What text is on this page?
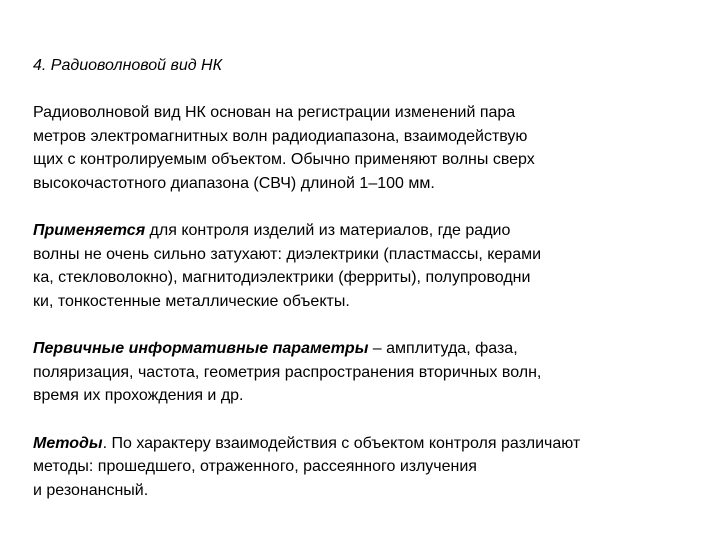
4. Радиоволновой вид НК
Радиоволновой вид НК основан на регистрации изменений пара
метров электромагнитных волн радиодиапазона, взаимодействую
щих с контролируемым объектом. Обычно применяют волны сверх
высокочастотного диапазона (СВЧ) длиной 1–100 мм.
Применяется для контроля изделий из материалов, где радио
волны не очень сильно затухают: диэлектрики (пластмассы, керами
ка, стекловолокно), магнитодиэлектрики (ферриты), полупроводни
ки, тонкостенные металлические объекты.
Первичные информативные параметры – амплитуда, фаза,
поляризация, частота, геометрия распространения вторичных волн,
время их прохождения и др.
Методы. По характеру взаимодействия с объектом контроля различают
методы: прошедшего, отраженного, рассеянного излучения
и резонансный.
